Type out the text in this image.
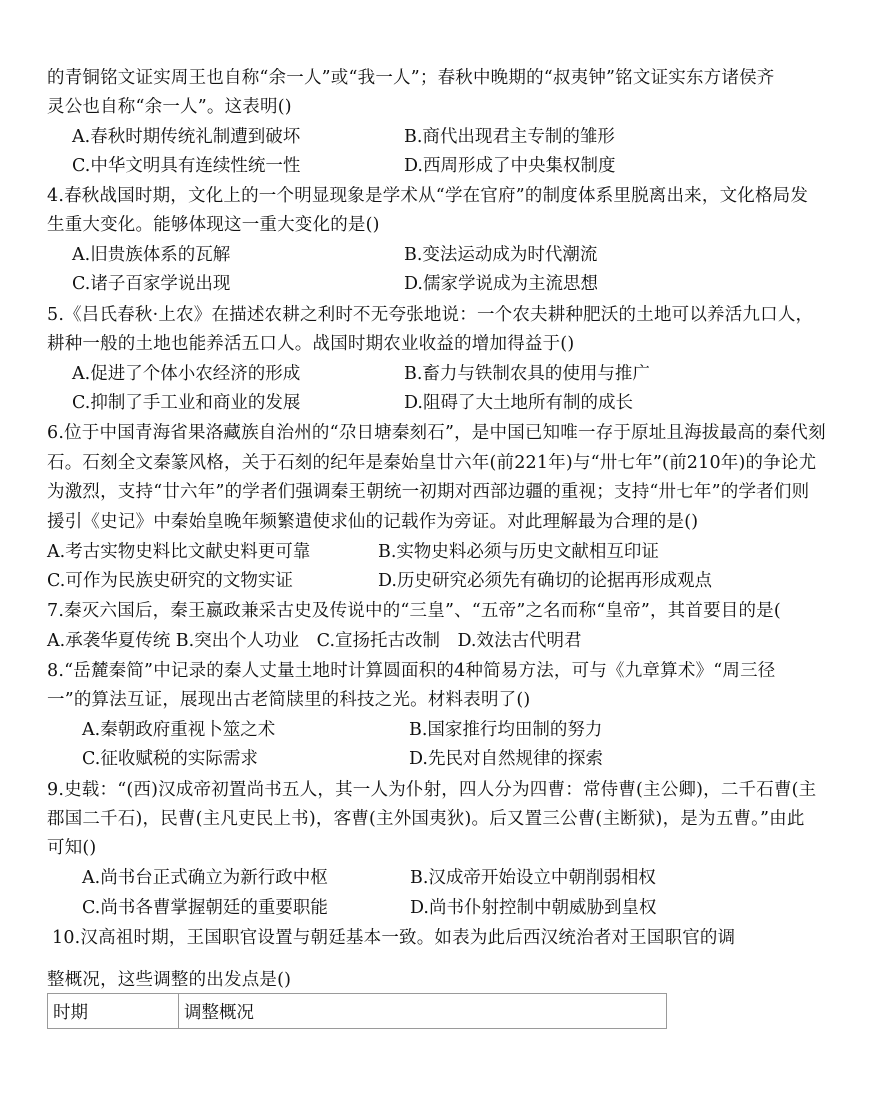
的青铜铭文证实周王也自称“余一人”或“我一人”；春秋中晚期的“叔夷钟”铭文证实东方诸侯齐
灵公也自称“余一人”。这表明()
A.春秋时期传统礼制遭到破坏	B.商代出现君主专制的雏形
C.中华文明具有连续性统一性	D.西周形成了中央集权制度
4.春秋战国时期，文化上的一个明显现象是学术从“学在官府”的制度体系里脱离出来，文化格局发
生重大变化。能够体现这一重大变化的是()
A.旧贵族体系的瓦解	B.变法运动成为时代潮流
C.诸子百家学说出现	D.儒家学说成为主流思想
5.《吕氏春秋·上农》在描述农耕之利时不无夸张地说：一个农夫耕种肥沃的土地可以养活九口人，
耕种一般的土地也能养活五口人。战国时期农业收益的增加得益于()
A.促进了个体小农经济的形成	B.畜力与铁制农具的使用与推广
C.抑制了手工业和商业的发展	D.阻碍了大土地所有制的成长
6.位于中国青海省果洛藏族自治州的“尕日塘秦刻石”，是中国已知唯一存于原址且海拔最高的秦代刻
石。石刻全文秦篆风格，关于石刻的纪年是秦始皇廿六年(前221年)与“卅七年”(前210年)的争论尤
为激烈，支持“廿六年”的学者们强调秦王朝统一初期对西部边疆的重视；支持“卅七年”的学者们则
援引《史记》中秦始皇晚年频繁遣使求仙的记载作为旁证。对此理解最为合理的是()
A.考古实物史料比文献史料更可靠	B.实物史料必须与历史文献相互印证
C.可作为民族史研究的文物实证	D.历史研究必须先有确切的论据再形成观点
7.秦灭六国后，秦王嬴政兼采古史及传说中的“三皇”、“五帝”之名而称“皇帝”，其首要目的是(
A.承袭华夏传统 B.突出个人功业　C.宣扬托古改制　D.效法古代明君
8.“岳麓秦简”中记录的秦人丈量土地时计算圆面积的4种简易方法，可与《九章算术》“周三径
一”的算法互证，展现出古老简牍里的科技之光。材料表明了()
A.秦朝政府重视卜筮之术	B.国家推行均田制的努力
C.征收赋税的实际需求	D.先民对自然规律的探索
9.史载：“(西)汉成帝初置尚书五人，其一人为仆射，四人分为四曹：常侍曹(主公卿)，二千石曹(主
郡国二千石)，民曹(主凡吏民上书)，客曹(主外国夷狄)。后又置三公曹(主断狱)，是为五曹。”由此
可知()
A.尚书台正式确立为新行政中枢	B.汉成帝开始设立中朝削弱相权
C.尚书各曹掌握朝廷的重要职能	D.尚书仆射控制中朝威胁到皇权
10.汉高祖时期，王国职官设置与朝廷基本一致。如表为此后西汉统治者对王国职官的调
整概况，这些调整的出发点是()
时期	调整概况
